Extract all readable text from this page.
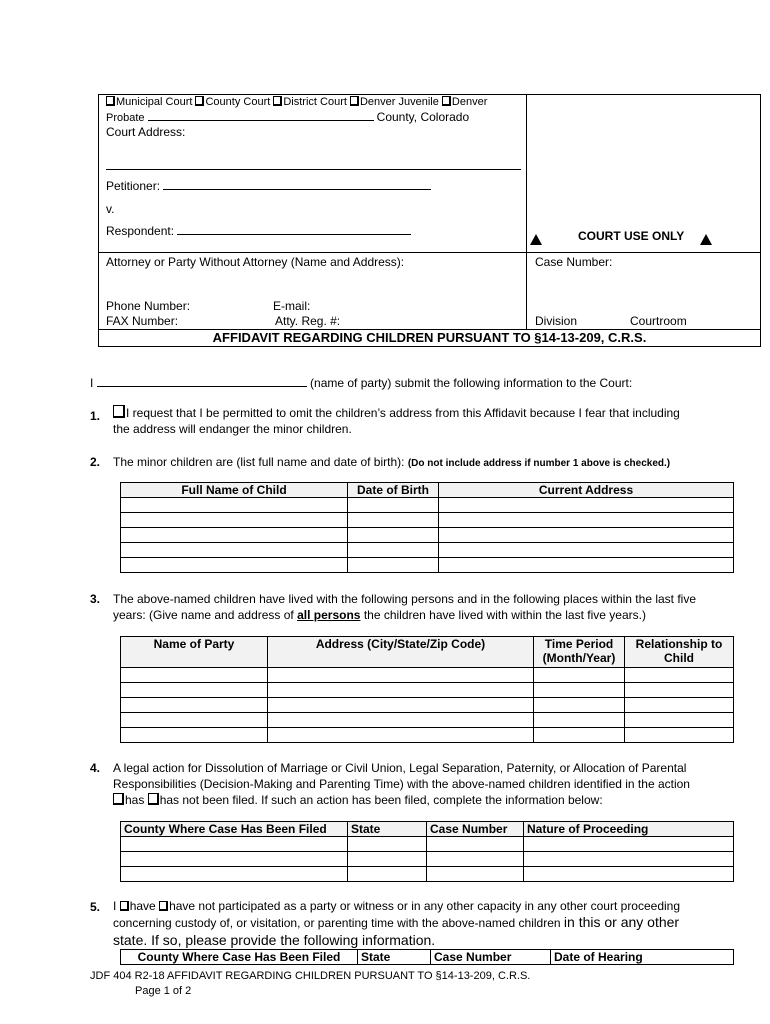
Municipal Court County Court District Court Denver Juvenile Denver
Probate	County, Colorado
Court Address:
Petitioner:
v.
Respondent:	COURT USE ONLY
Attorney or Party Without Attorney (Name and Address):	Case Number:
Phone Number:	E-mail:
FAX Number:	Atty. Reg. #:	Division	Courtroom
AFFIDAVIT REGARDING CHILDREN PURSUANT TO §14-13-209, C.R.S.
I	(name of party) submit the following information to the Court:
1.	I request that I be permitted to omit the children’s address from this Affidavit because I fear that including
the address will endanger the minor children.
2. The minor children are (list full name and date of birth): (Do not include address if number 1 above is checked.)
Full Name of Child	Date of Birth	Current Address

3. The above-named children have lived with the following persons and in the following places within the last five
years: (Give name and address of all persons the children have lived with within the last five years.)
Name of Party	Address (City/State/Zip Code)	Time Period (Month/Year)	Relationship to Child

4. A legal action for Dissolution of Marriage or Civil Union, Legal Separation, Paternity, or Allocation of Parental
Responsibilities (Decision-Making and Parenting Time) with the above-named children identified in the action
has has not been filed. If such an action has been filed, complete the information below:
County Where Case Has Been Filed	State	Case Number	Nature of Proceeding

5. I have have not participated as a party or witness or in any other capacity in any other court proceeding
concerning custody of, or visitation, or parenting time with the above-named children in this or any other
state. If so, please provide the following information.
County Where Case Has Been Filed	State	Case Number	Date of Hearing
JDF 404 R2-18 AFFIDAVIT REGARDING CHILDREN PURSUANT TO §14-13-209, C.R.S.
Page 1 of 2
